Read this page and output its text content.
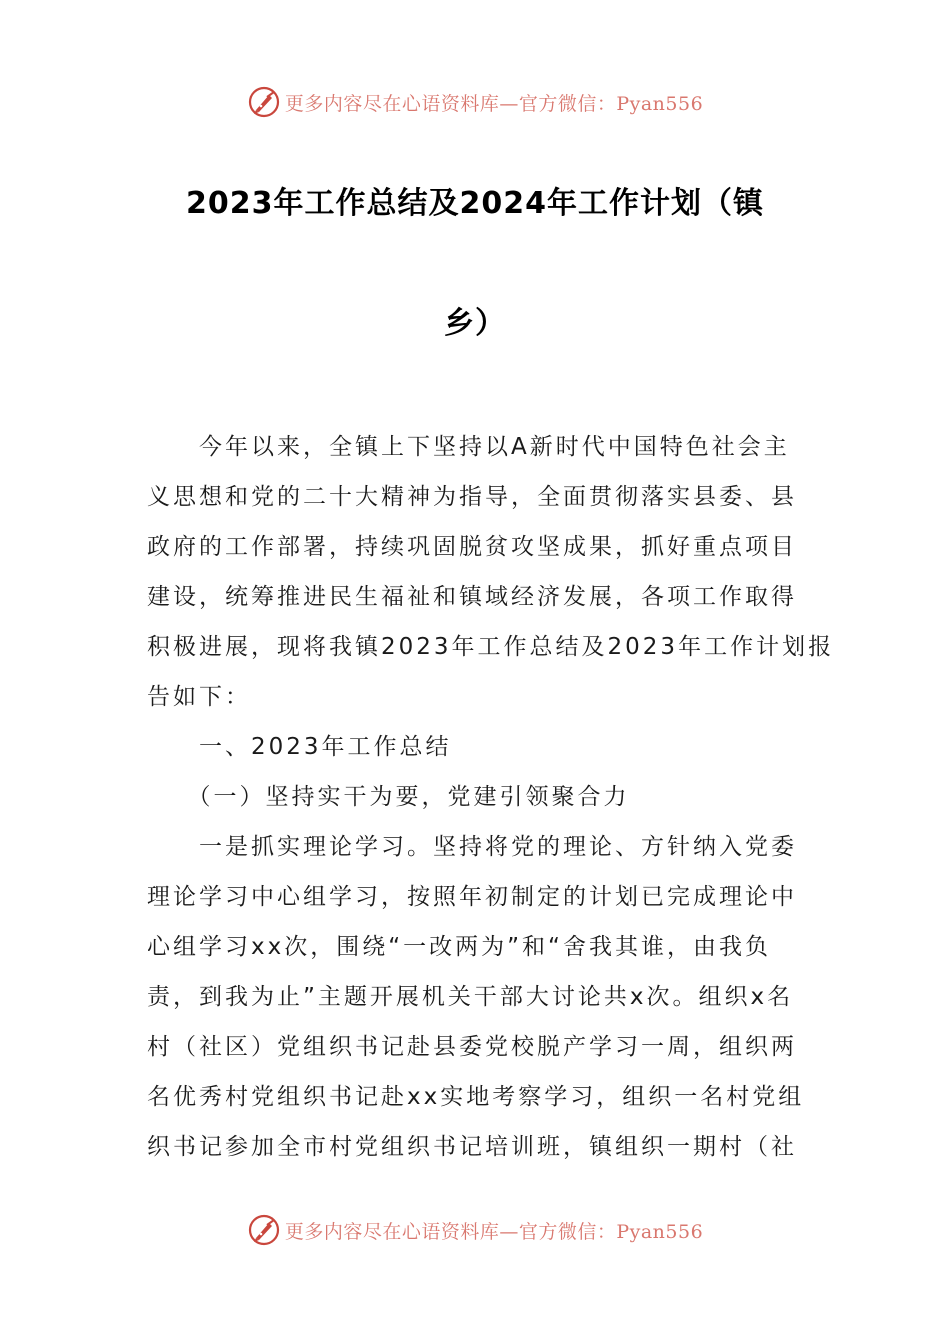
更多内容尽在心语资料库—官方微信：Pyan556
2023年工作总结及2024年工作计划（镇
乡）
　　今年以来，全镇上下坚持以A新时代中国特色社会主
义思想和党的二十大精神为指导，全面贯彻落实县委、县
政府的工作部署，持续巩固脱贫攻坚成果，抓好重点项目
建设，统筹推进民生福祉和镇域经济发展，各项工作取得
积极进展，现将我镇2023年工作总结及2023年工作计划报
告如下：
　　一、2023年工作总结
　　（一）坚持实干为要，党建引领聚合力
　　一是抓实理论学习。坚持将党的理论、方针纳入党委
理论学习中心组学习，按照年初制定的计划已完成理论中
心组学习xx次，围绕“一改两为”和“舍我其谁，由我负
责，到我为止”主题开展机关干部大讨论共x次。组织x名
村（社区）党组织书记赴县委党校脱产学习一周，组织两
名优秀村党组织书记赴xx实地考察学习，组织一名村党组
织书记参加全市村党组织书记培训班，镇组织一期村（社
更多内容尽在心语资料库—官方微信：Pyan556
